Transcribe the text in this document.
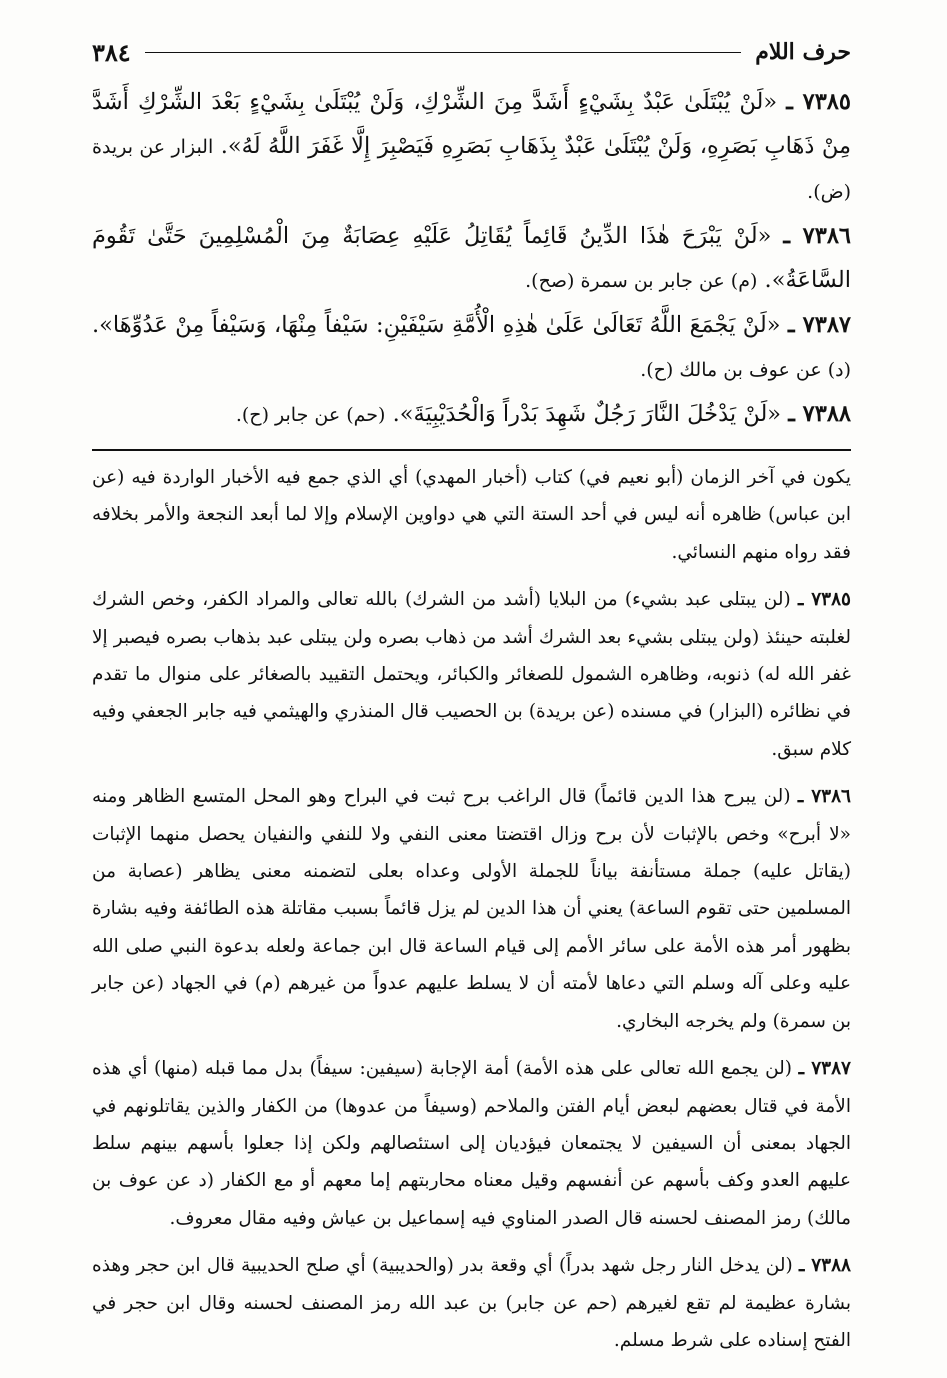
حرف اللام
٣٨٤

٧٣٨٥ ـ «لَنْ يُبْتَلَىٰ عَبْدٌ بِشَيْءٍ أَشَدَّ مِنَ الشِّرْكِ، وَلَنْ يُبْتَلَىٰ بِشَيْءٍ بَعْدَ الشِّرْكِ أَشَدَّ مِنْ ذَهَابِ بَصَرِهِ، وَلَنْ يُبْتَلَىٰ عَبْدٌ بِذَهَابِ بَصَرِهِ فَيَصْبِرَ إِلَّا غَفَرَ اللَّهُ لَهُ». البزار عن بريدة (ض).

٧٣٨٦ ـ «لَنْ يَبْرَحَ هٰذَا الدِّينُ قَائِماً يُقَاتِلُ عَلَيْهِ عِصَابَةٌ مِنَ الْمُسْلِمِينَ حَتَّىٰ تَقُومَ السَّاعَةُ». (م) عن جابر بن سمرة (صح).

٧٣٨٧ ـ «لَنْ يَجْمَعَ اللَّهُ تَعَالَىٰ عَلَىٰ هٰذِهِ الْأُمَّةِ سَيْفَيْنِ: سَيْفاً مِنْهَا، وَسَيْفاً مِنْ عَدُوِّهَا». (د) عن عوف بن مالك (ح).

٧٣٨٨ ـ «لَنْ يَدْخُلَ النَّارَ رَجُلٌ شَهِدَ بَدْراً وَالْحُدَيْبِيَةَ». (حم) عن جابر (ح).

يكون في آخر الزمان (أبو نعيم في) كتاب (أخبار المهدي) أي الذي جمع فيه الأخبار الواردة فيه (عن ابن عباس) ظاهره أنه ليس في أحد الستة التي هي دواوين الإسلام وإلا لما أبعد النجعة والأمر بخلافه فقد رواه منهم النسائي.

٧٣٨٥ ـ (لن يبتلى عبد بشيء) من البلايا (أشد من الشرك) بالله تعالى والمراد الكفر، وخص الشرك لغلبته حينئذ (ولن يبتلى بشيء بعد الشرك أشد من ذهاب بصره ولن يبتلى عبد بذهاب بصره فيصبر إلا غفر الله له) ذنوبه، وظاهره الشمول للصغائر والكبائر، ويحتمل التقييد بالصغائر على منوال ما تقدم في نظائره (البزار) في مسنده (عن بريدة) بن الحصيب قال المنذري والهيثمي فيه جابر الجعفي وفيه كلام سبق.

٧٣٨٦ ـ (لن يبرح هذا الدين قائماً) قال الراغب برح ثبت في البراح وهو المحل المتسع الظاهر ومنه «لا أبرح» وخص بالإثبات لأن برح وزال اقتضتا معنى النفي ولا للنفي والنفيان يحصل منهما الإثبات (يقاتل عليه) جملة مستأنفة بياناً للجملة الأولى وعداه بعلى لتضمنه معنى يظاهر (عصابة من المسلمين حتى تقوم الساعة) يعني أن هذا الدين لم يزل قائماً بسبب مقاتلة هذه الطائفة وفيه بشارة بظهور أمر هذه الأمة على سائر الأمم إلى قيام الساعة قال ابن جماعة ولعله بدعوة النبي صلى الله عليه وعلى آله وسلم التي دعاها لأمته أن لا يسلط عليهم عدواً من غيرهم (م) في الجهاد (عن جابر بن سمرة) ولم يخرجه البخاري.

٧٣٨٧ ـ (لن يجمع الله تعالى على هذه الأمة) أمة الإجابة (سيفين: سيفاً) بدل مما قبله (منها) أي هذه الأمة في قتال بعضهم لبعض أيام الفتن والملاحم (وسيفاً من عدوها) من الكفار والذين يقاتلونهم في الجهاد بمعنى أن السيفين لا يجتمعان فيؤديان إلى استئصالهم ولكن إذا جعلوا بأسهم بينهم سلط عليهم العدو وكف بأسهم عن أنفسهم وقيل معناه محاربتهم إما معهم أو مع الكفار (د عن عوف بن مالك) رمز المصنف لحسنه قال الصدر المناوي فيه إسماعيل بن عياش وفيه مقال معروف.

٧٣٨٨ ـ (لن يدخل النار رجل شهد بدراً) أي وقعة بدر (والحديبية) أي صلح الحديبية قال ابن حجر وهذه بشارة عظيمة لم تقع لغيرهم (حم عن جابر) بن عبد الله رمز المصنف لحسنه وقال ابن حجر في الفتح إسناده على شرط مسلم.
